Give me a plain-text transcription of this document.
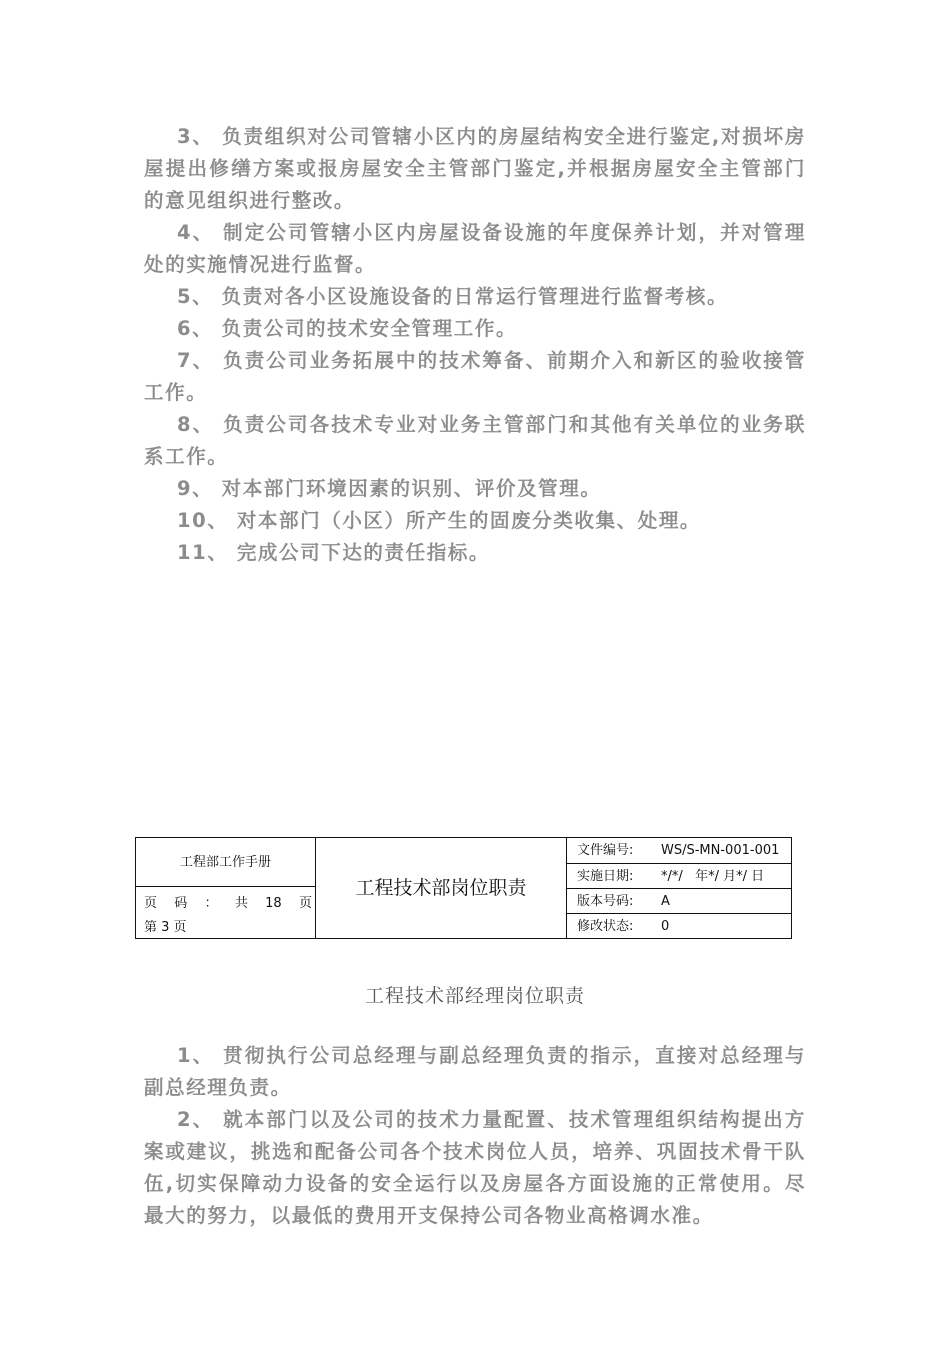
3、 负责组织对公司管辖小区内的房屋结构安全进行鉴定,对损坏房屋提出修缮方案或报房屋安全主管部门鉴定,并根据房屋安全主管部门的意见组织进行整改。

4、 制定公司管辖小区内房屋设备设施的年度保养计划，并对管理处的实施情况进行监督。

5、 负责对各小区设施设备的日常运行管理进行监督考核。

6、 负责公司的技术安全管理工作。

7、 负责公司业务拓展中的技术筹备、前期介入和新区的验收接管工作。

8、 负责公司各技术专业对业务主管部门和其他有关单位的业务联系工作。

9、 对本部门环境因素的识别、评价及管理。

10、 对本部门（小区）所产生的固废分类收集、处理。

11、 完成公司下达的责任指标。

工程部工作手册
页 码 ： 共 18 页
第 3 页
工程技术部岗位职责
文件编号: WS/S-MN-001-001
实施日期: */*/   年*/ 月*/ 日
版本号码: A
修改状态: 0
工程技术部经理岗位职责

1、 贯彻执行公司总经理与副总经理负责的指示，直接对总经理与副总经理负责。

2、 就本部门以及公司的技术力量配置、技术管理组织结构提出方案或建议，挑选和配备公司各个技术岗位人员，培养、巩固技术骨干队伍,切实保障动力设备的安全运行以及房屋各方面设施的正常使用。尽最大的努力，以最低的费用开支保持公司各物业高格调水准。
